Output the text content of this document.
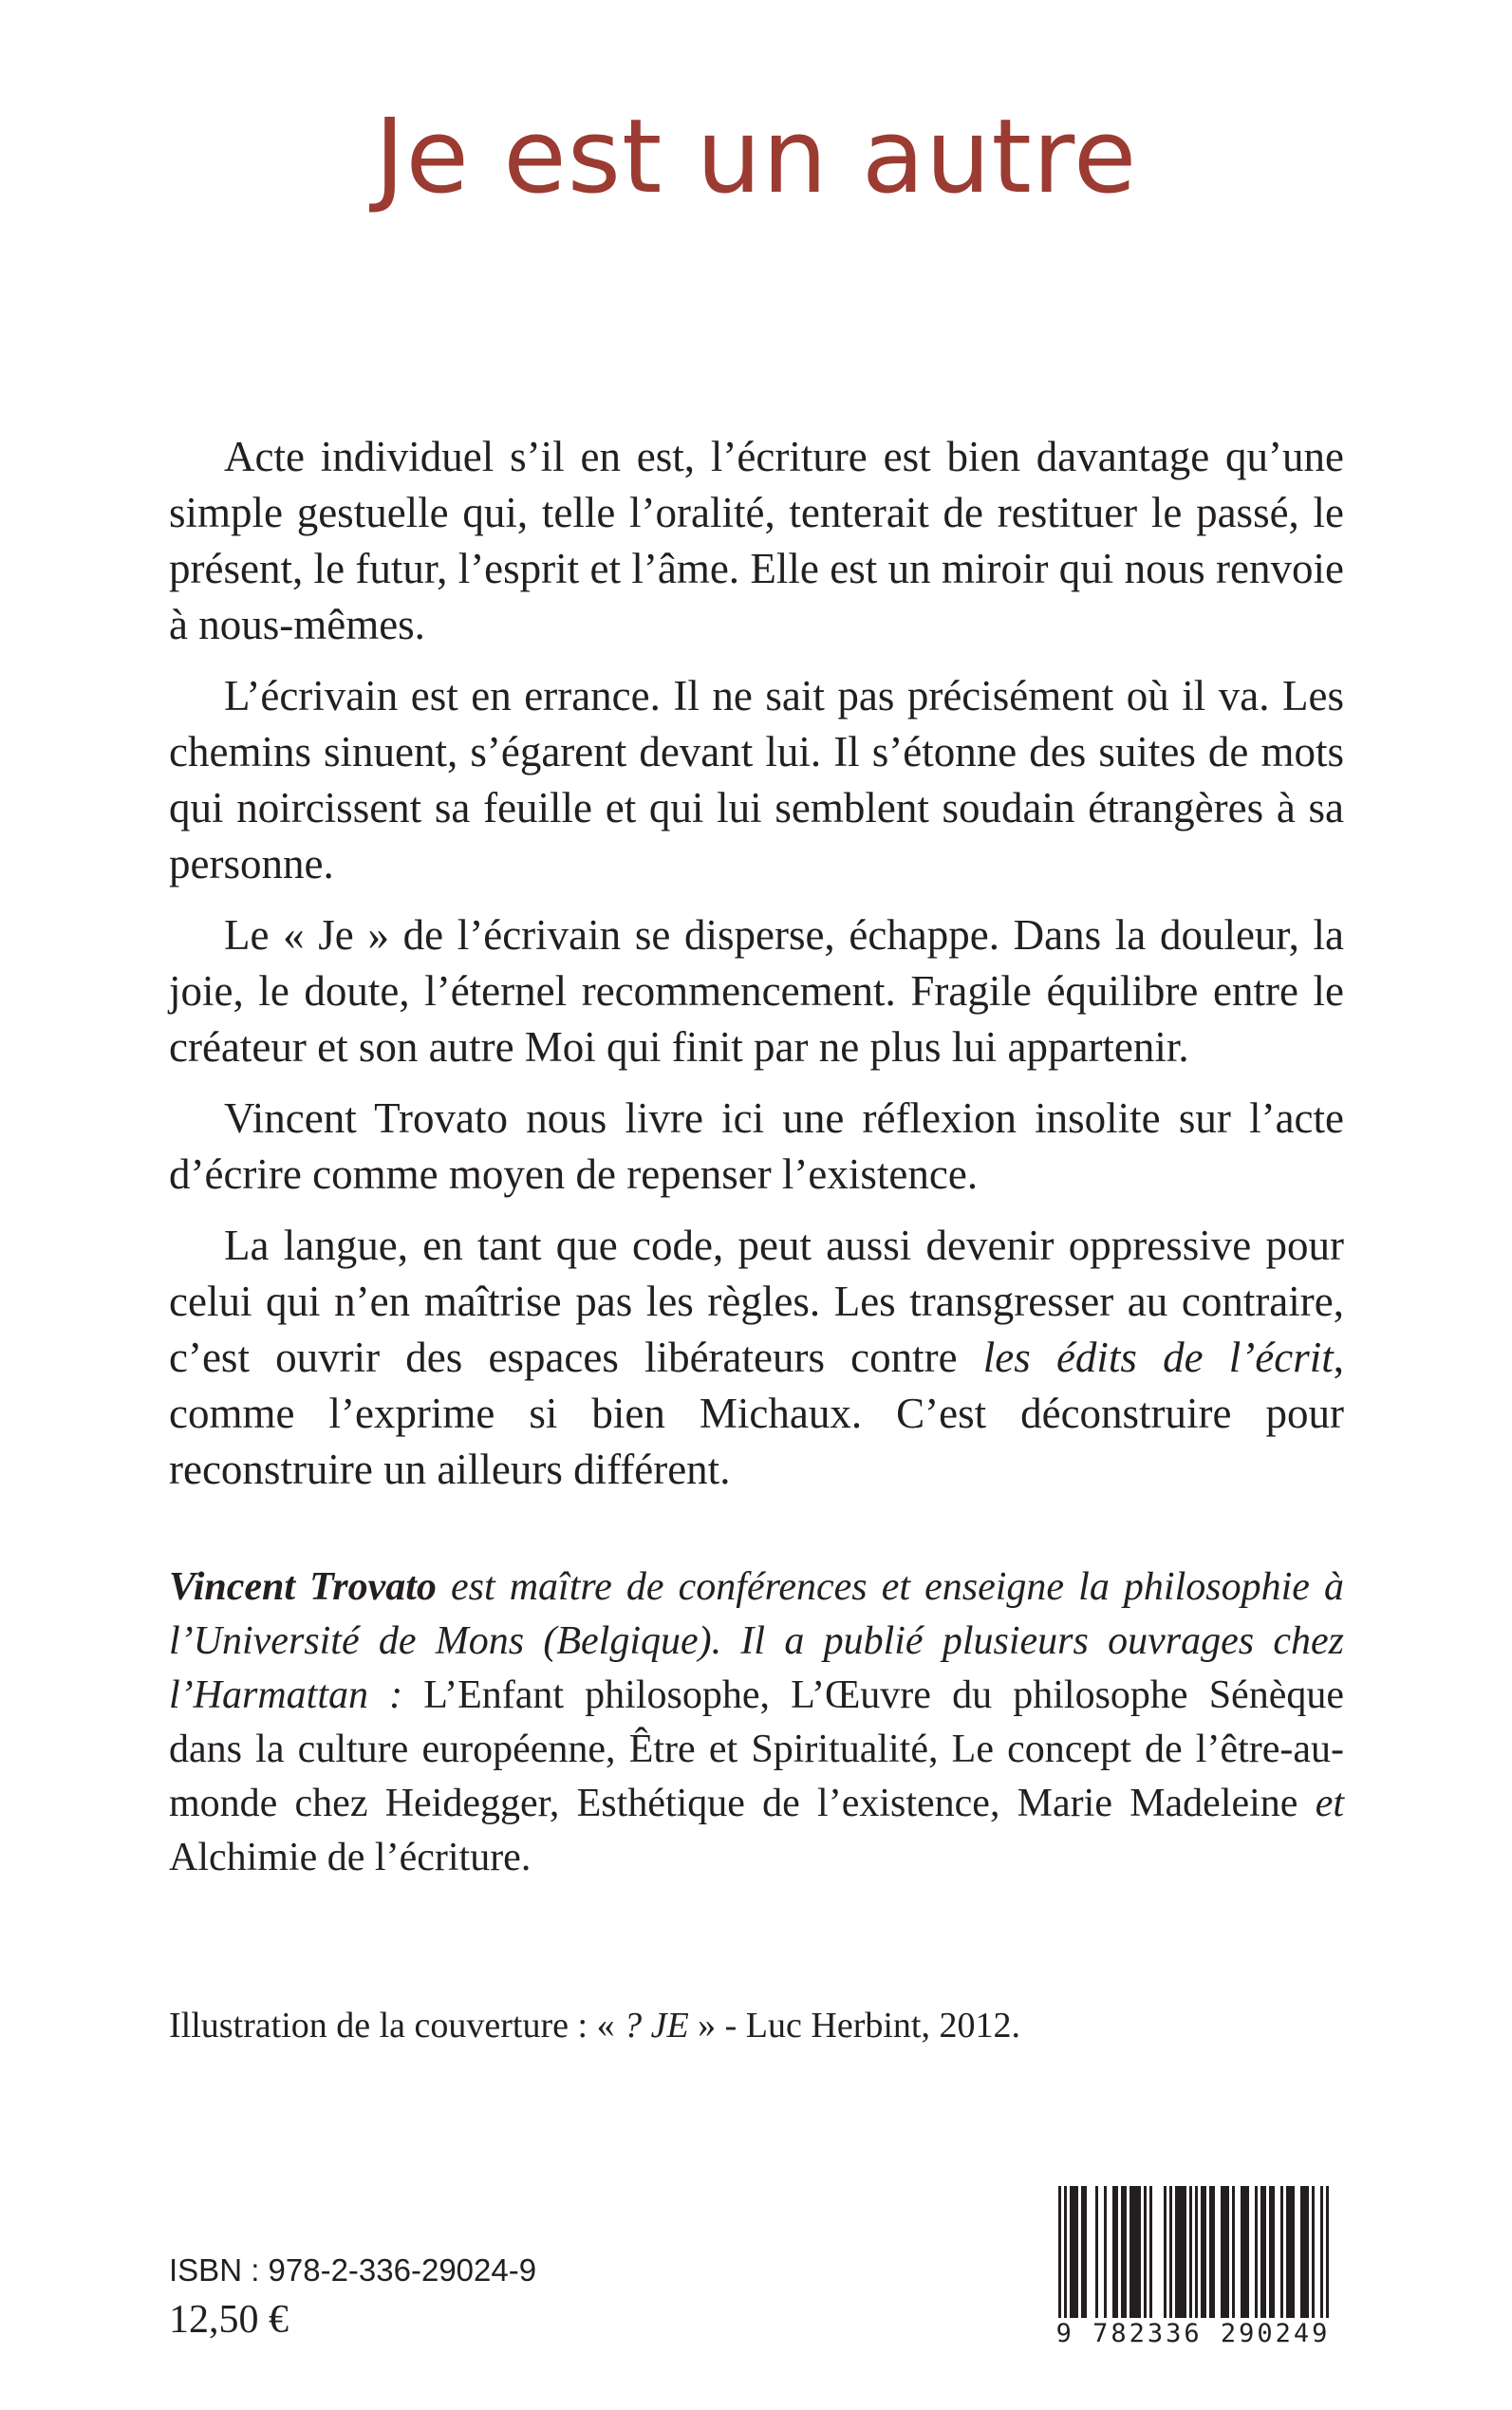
Je est un autre

Acte individuel s’il en est, l’écriture est bien davantage qu’une simple gestuelle qui, telle l’oralité, tenterait de restituer le passé, le présent, le futur, l’esprit et l’âme. Elle est un miroir qui nous renvoie à nous-mêmes.

L’écrivain est en errance. Il ne sait pas précisément où il va. Les chemins sinuent, s’égarent devant lui. Il s’étonne des suites de mots qui noircissent sa feuille et qui lui semblent soudain étrangères à sa personne.

Le « Je » de l’écrivain se disperse, échappe. Dans la douleur, la joie, le doute, l’éternel recommencement. Fragile équilibre entre le créateur et son autre Moi qui finit par ne plus lui appartenir.

Vincent Trovato nous livre ici une réflexion insolite sur l’acte d’écrire comme moyen de repenser l’existence.

La langue, en tant que code, peut aussi devenir oppressive pour celui qui n’en maîtrise pas les règles. Les transgresser au contraire, c’est ouvrir des espaces libérateurs contre les édits de l’écrit, comme l’exprime si bien Michaux. C’est déconstruire pour reconstruire un ailleurs différent.

Vincent Trovato est maître de conférences et enseigne la philosophie à l’Université de Mons (Belgique). Il a publié plusieurs ouvrages chez l’Harmattan : L’Enfant philosophe, L’Œuvre du philosophe Sénèque dans la culture européenne, Être et Spiritualité, Le concept de l’être-au-monde chez Heidegger, Esthétique de l’existence, Marie Madeleine et Alchimie de l’écriture.

Illustration de la couverture : « ? JE » - Luc Herbint, 2012.
ISBN : 978-2-336-29024-9
12,50 €	9 782336 290249
